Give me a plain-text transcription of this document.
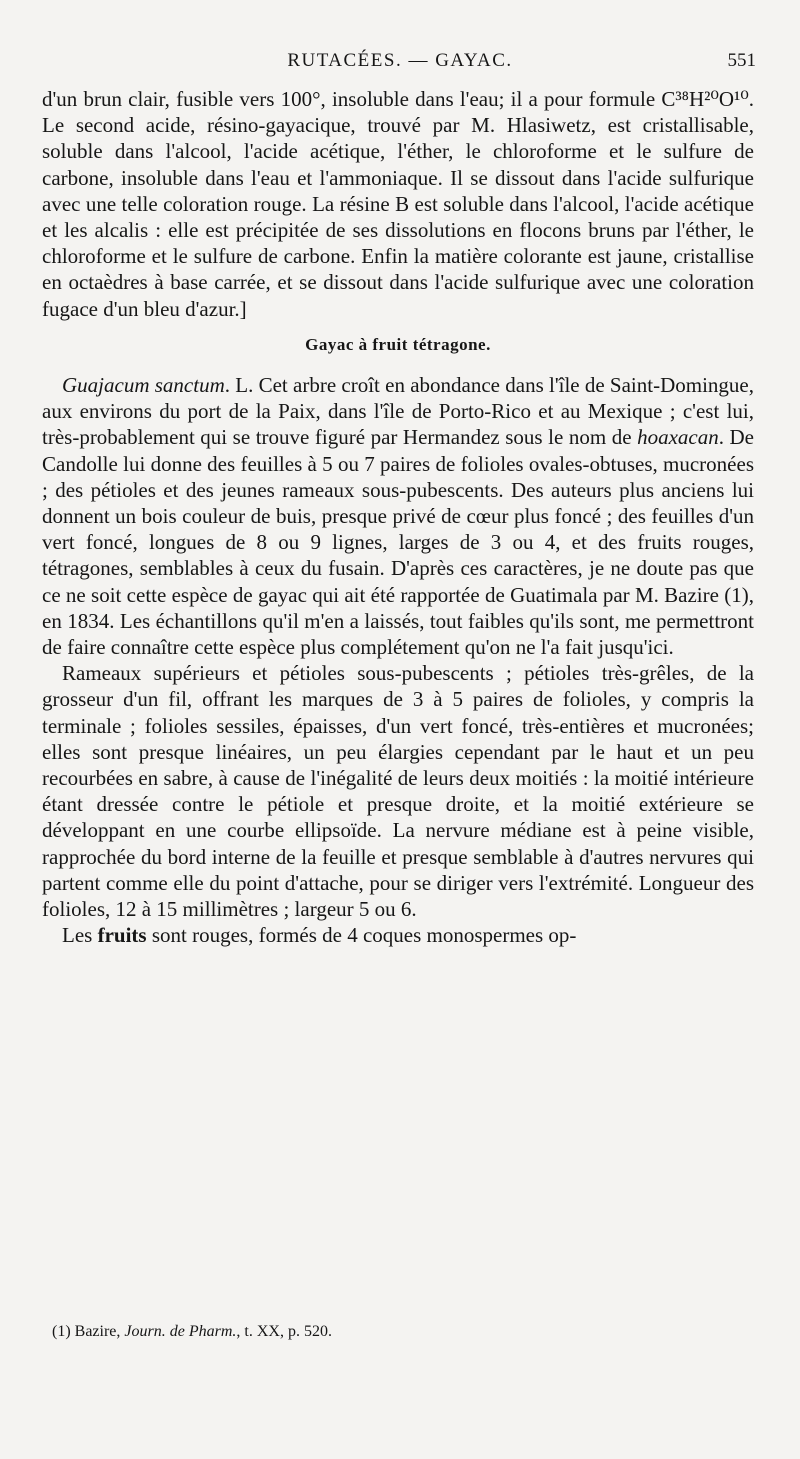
RUTACÉES. — GAYAC.	551

d'un brun clair, fusible vers 100°, insoluble dans l'eau; il a pour formule C³⁸H²⁰O¹⁰. Le second acide, résino-gayacique, trouvé par M. Hlasiwetz, est cristallisable, soluble dans l'alcool, l'acide acétique, l'éther, le chloroforme et le sulfure de carbone, insoluble dans l'eau et l'ammoniaque. Il se dissout dans l'acide sulfurique avec une telle coloration rouge. La résine B est soluble dans l'alcool, l'acide acétique et les alcalis : elle est précipitée de ses dissolutions en flocons bruns par l'éther, le chloroforme et le sulfure de carbone. Enfin la matière colorante est jaune, cristallise en octaèdres à base carrée, et se dissout dans l'acide sulfurique avec une coloration fugace d'un bleu d'azur.]

Gayac à fruit tétragone.

Guajacum sanctum. L. Cet arbre croît en abondance dans l'île de Saint-Domingue, aux environs du port de la Paix, dans l'île de Porto-Rico et au Mexique ; c'est lui, très-probablement qui se trouve figuré par Hermandez sous le nom de hoaxacan. De Candolle lui donne des feuilles à 5 ou 7 paires de folioles ovales-obtuses, mucronées ; des pétioles et des jeunes rameaux sous-pubescents. Des auteurs plus anciens lui donnent un bois couleur de buis, presque privé de cœur plus foncé ; des feuilles d'un vert foncé, longues de 8 ou 9 lignes, larges de 3 ou 4, et des fruits rouges, tétragones, semblables à ceux du fusain. D'après ces caractères, je ne doute pas que ce ne soit cette espèce de gayac qui ait été rapportée de Guatimala par M. Bazire (1), en 1834. Les échantillons qu'il m'en a laissés, tout faibles qu'ils sont, me permettront de faire connaître cette espèce plus complétement qu'on ne l'a fait jusqu'ici.

Rameaux supérieurs et pétioles sous-pubescents ; pétioles très-grêles, de la grosseur d'un fil, offrant les marques de 3 à 5 paires de folioles, y compris la terminale ; folioles sessiles, épaisses, d'un vert foncé, très-entières et mucronées; elles sont presque linéaires, un peu élargies cependant par le haut et un peu recourbées en sabre, à cause de l'inégalité de leurs deux moitiés : la moitié intérieure étant dressée contre le pétiole et presque droite, et la moitié extérieure se développant en une courbe ellipsoïde. La nervure médiane est à peine visible, rapprochée du bord interne de la feuille et presque semblable à d'autres nervures qui partent comme elle du point d'attache, pour se diriger vers l'extrémité. Longueur des folioles, 12 à 15 millimètres ; largeur 5 ou 6.

Les fruits sont rouges, formés de 4 coques monospermes op-

(1) Bazire, Journ. de Pharm., t. XX, p. 520.
